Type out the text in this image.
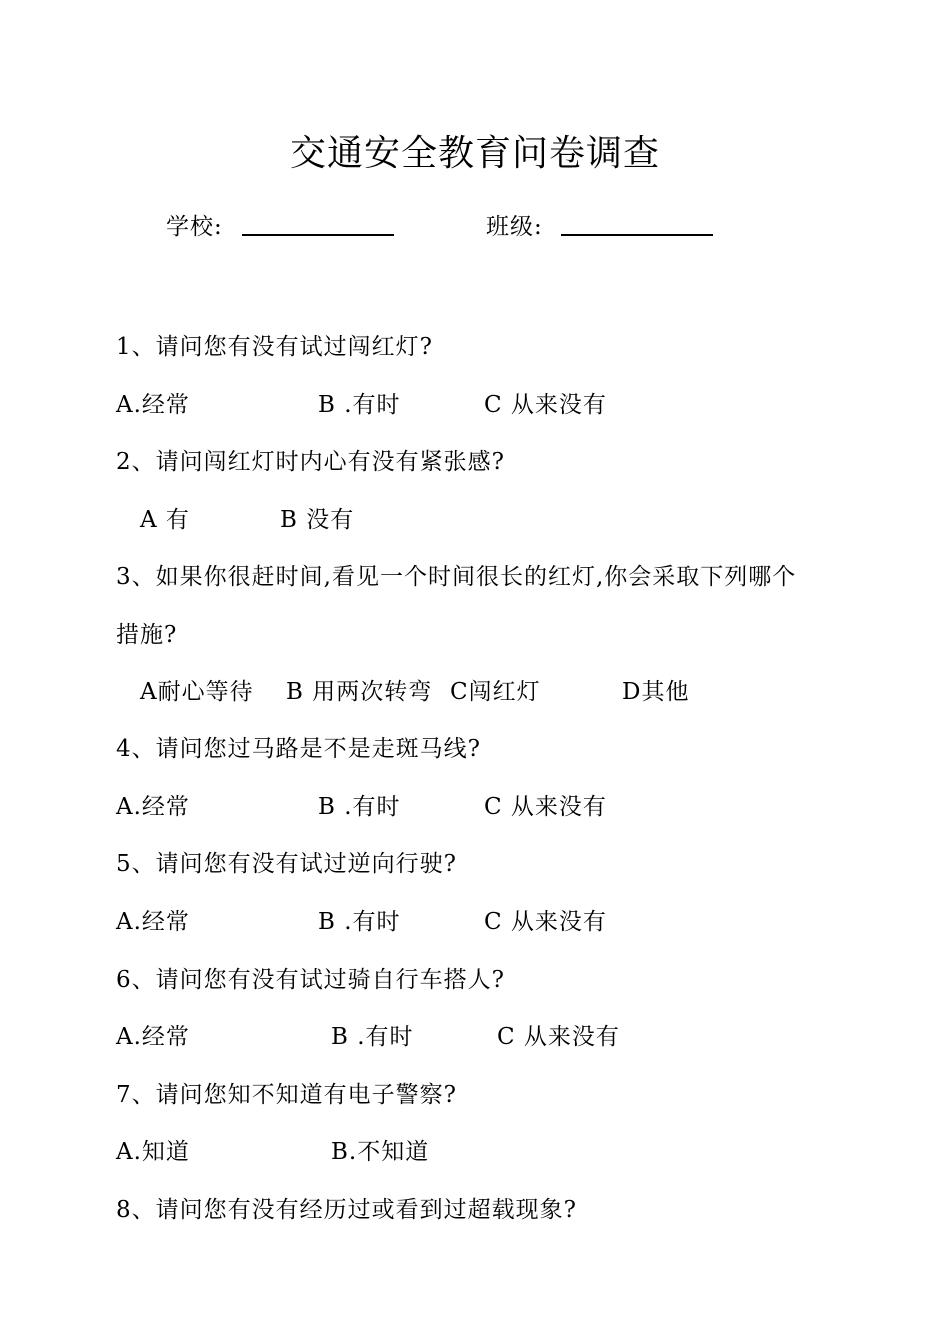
交通安全教育问卷调查
学校:	班级:
1、请问您有没有试过闯红灯?
A.经常	B .有时	C 从来没有
2、请问闯红灯时内心有没有紧张感?
A 有	B 没有
3、如果你很赶时间,看见一个时间很长的红灯,你会采取下列哪个
措施?
A耐心等待 B 用两次转弯 C闯红灯	D其他
4、请问您过马路是不是走斑马线?
A.经常	B .有时	C 从来没有
5、请问您有没有试过逆向行驶?
A.经常	B .有时	C 从来没有
6、请问您有没有试过骑自行车搭人?
A.经常	B .有时	C 从来没有
7、请问您知不知道有电子警察?
A.知道	B.不知道
8、请问您有没有经历过或看到过超载现象?
